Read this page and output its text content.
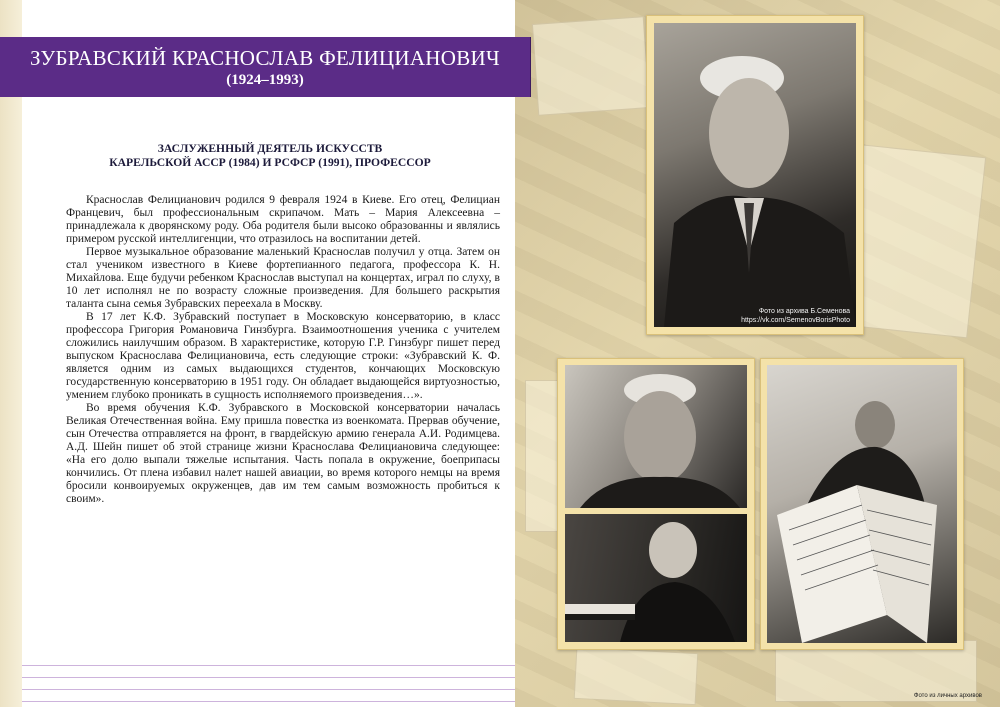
ЗУБРАВСКИЙ КРАСНОСЛАВ ФЕЛИЦИАНОВИЧ
(1924–1993)
ЗАСЛУЖЕННЫЙ ДЕЯТЕЛЬ ИСКУССТВ
КАРЕЛЬСКОЙ АССР (1984) И РСФСР (1991), ПРОФЕССОР

Краснослав Фелицианович родился 9 февраля 1924 в Киеве. Его отец, Фелициан Францевич, был профессиональным скрипачом. Мать – Мария Алексеевна – принадлежала к дворянскому роду. Оба родителя были высоко образованны и являлись примером русской интеллигенции, что отразилось на воспитании детей.

Первое музыкальное образование маленький Краснослав получил у отца. Затем он стал учеником известного в Киеве фортепианного педагога, профессора К. Н. Михайлова. Еще будучи ребенком Краснослав выступал на концертах, играл по слуху, в 10 лет исполнял не по возрасту сложные произведения. Для большего раскрытия таланта сына семья Зубравских переехала в Москву.

В 17 лет К.Ф. Зубравский поступает в Московскую консерваторию, в класс профессора Григория Романовича Гинзбурга. Взаимоотношения ученика с учителем сложились наилучшим образом. В характеристике, которую Г.Р. Гинзбург пишет перед выпуском Краснослава Фелициановича, есть следующие строки: «Зубравский К. Ф. является одним из самых выдающихся студентов, кончающих Московскую государственную консерваторию в 1951 году. Он обладает выдающейся виртуозностью, умением глубоко проникать в сущность исполняемого произведения…».

Во время обучения К.Ф. Зубравского в Московской консерватории началась Великая Отечественная война. Ему пришла повестка из военкомата. Прервав обучение, сын Отечества отправляется на фронт, в гвардейскую армию генерала А.И. Родимцева. А.Д. Шейн пишет об этой странице жизни Краснослава Фелициановича следующее: «На его долю выпали тяжелые испытания. Часть попала в окружение, боеприпасы кончились. От плена избавил налет нашей авиации, во время которого немцы на время бросили конвоируемых окруженцев, дав им тем самым возможность пробиться к своим».

Фото из архива Б.Семенова
https://vk.com/SemenovBorisPhoto
Фото из личных архивов
